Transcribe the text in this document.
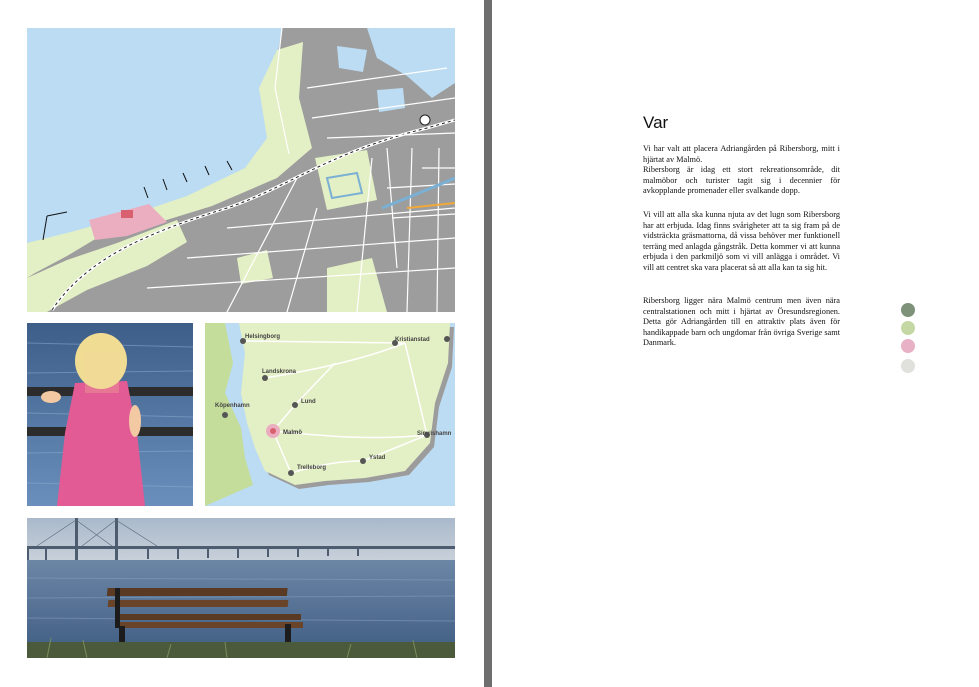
Helsingborg
Landskrona
Köpenhamn
Lund
Malmö
Trelleborg
Ystad
Simrishamn
Kristianstad
Var
Vi har valt att placera Adriangården på Ribersborg, mitt i hjärtat av Malmö.
Ribersborg är idag ett stort rekreationsområde, dit malmöbor och turister tagit sig i decennier för avkopplande promenader eller svalkande dopp.

Vi vill att alla ska kunna njuta av det lugn som Ribersborg har att erbjuda. Idag finns svårigheter att ta sig fram på de vidsträckta gräsmattorna, då vissa behöver mer funktionell terräng med anlagda gångstråk. Detta kommer vi att kunna erbjuda i den parkmiljö som vi vill anlägga i området. Vi vill att centret ska vara placerat så att alla kan ta sig hit.

Ribersborg ligger nära Malmö centrum men även nära centralstationen och mitt i hjärtat av Öresundsregionen. Detta gör Adriangården till en attraktiv plats även för handikappade barn och ungdomar från övriga Sverige samt Danmark.
